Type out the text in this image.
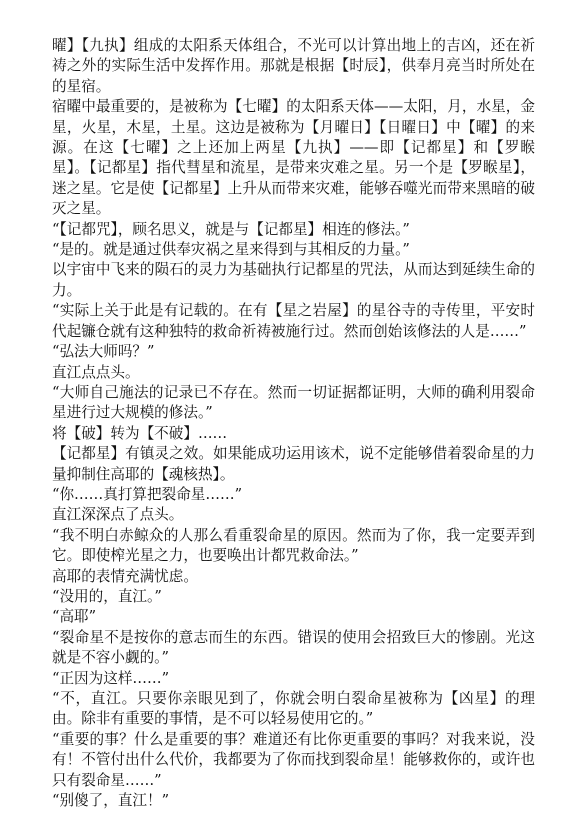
曜】【九执】组成的太阳系天体组合，不光可以计算出地上的吉凶，还在祈祷之外的实际生活中发挥作用。那就是根据【时辰】，供奉月亮当时所处在的星宿。

宿曜中最重要的，是被称为【七曜】的太阳系天体——太阳，月，水星，金星，火星，木星，土星。这边是被称为【月曜日】【日曜日】中【曜】的来源。在这【七曜】之上还加上两星【九执】——即【记都星】和【罗睺星】。【记都星】指代彗星和流星，是带来灾难之星。另一个是【罗睺星】，迷之星。它是使【记都星】上升从而带来灾难，能够吞噬光而带来黑暗的破灭之星。

“【记都咒】，顾名思义，就是与【记都星】相连的修法。”

“是的。就是通过供奉灾祸之星来得到与其相反的力量。”

以宇宙中飞来的陨石的灵力为基础执行记都星的咒法，从而达到延续生命的力。

“实际上关于此是有记载的。在有【星之岩屋】的星谷寺的寺传里，平安时代起镰仓就有这种独特的救命祈祷被施行过。然而创始该修法的人是……”

“弘法大师吗？”

直江点点头。

“大师自己施法的记录已不存在。然而一切证据都证明，大师的确利用裂命星进行过大规模的修法。”

将【破】转为【不破】……

【记都星】有镇灵之效。如果能成功运用该术，说不定能够借着裂命星的力量抑制住高耶的【魂核热】。

“你……真打算把裂命星……”

直江深深点了点头。

“我不明白赤鲸众的人那么看重裂命星的原因。然而为了你，我一定要弄到它。即使榨光星之力，也要唤出计都咒救命法。”

高耶的表情充满忧虑。

“没用的，直江。”

“高耶”

“裂命星不是按你的意志而生的东西。错误的使用会招致巨大的惨剧。光这就是不容小觑的。”

“正因为这样……”

“不，直江。只要你亲眼见到了，你就会明白裂命星被称为【凶星】的理由。除非有重要的事情，是不可以轻易使用它的。”

“重要的事？什么是重要的事？难道还有比你更重要的事吗？对我来说，没有！不管付出什么代价，我都要为了你而找到裂命星！能够救你的，或许也只有裂命星……”

“别傻了，直江！”
